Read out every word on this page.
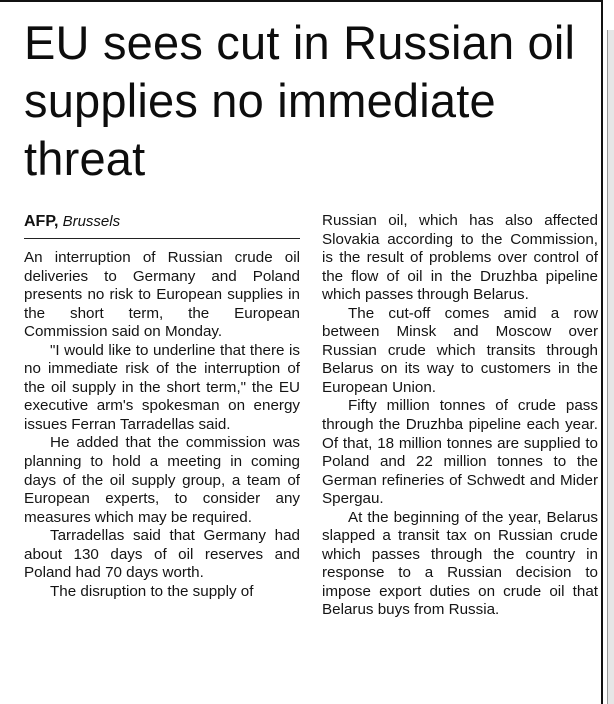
EU sees cut in Russian oil supplies no immediate threat
AFP, Brussels

An interruption of Russian crude oil deliveries to Germany and Poland presents no risk to European supplies in the short term, the European Commission said on Monday.

"I would like to underline that there is no immediate risk of the interruption of the oil supply in the short term," the EU executive arm's spokesman on energy issues Ferran Tarradellas said.

He added that the commission was planning to hold a meeting in coming days of the oil supply group, a team of European experts, to consider any measures which may be required.

Tarradellas said that Germany had about 130 days of oil reserves and Poland had 70 days worth.

The disruption to the supply of

Russian oil, which has also affected Slovakia according to the Commission, is the result of problems over control of the flow of oil in the Druzhba pipeline which passes through Belarus.

The cut-off comes amid a row between Minsk and Moscow over Russian crude which transits through Belarus on its way to customers in the European Union.

Fifty million tonnes of crude pass through the Druzhba pipeline each year. Of that, 18 million tonnes are supplied to Poland and 22 million tonnes to the German refineries of Schwedt and Mider Spergau.

At the beginning of the year, Belarus slapped a transit tax on Russian crude which passes through the country in response to a Russian decision to impose export duties on crude oil that Belarus buys from Russia.
